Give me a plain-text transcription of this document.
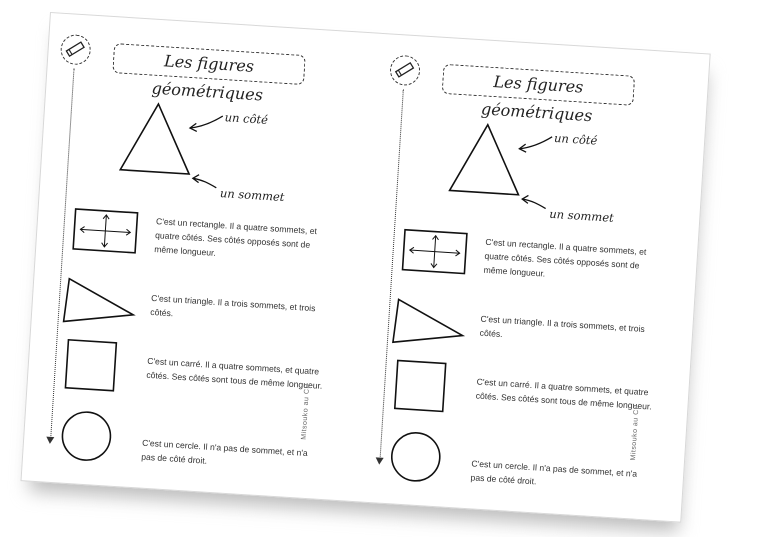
Les figures géométriques
un côté
un sommet
C'est un rectangle. Il a quatre sommets, et quatre côtés. Ses côtés opposés sont de même longueur.
C'est un triangle. Il a trois sommets, et trois côtés.
C'est un carré. Il a quatre sommets, et quatre côtés. Ses côtés sont tous de même longueur.
C'est un cercle. Il n'a pas de sommet, et n'a pas de côté droit.
Mitsouko au CP
Les figures géométriques
un côté
un sommet
C'est un rectangle. Il a quatre sommets, et quatre côtés. Ses côtés opposés sont de même longueur.
C'est un triangle. Il a trois sommets, et trois côtés.
C'est un carré. Il a quatre sommets, et quatre côtés. Ses côtés sont tous de même longueur.
C'est un cercle. Il n'a pas de sommet, et n'a pas de côté droit.
Mitsouko au CP
